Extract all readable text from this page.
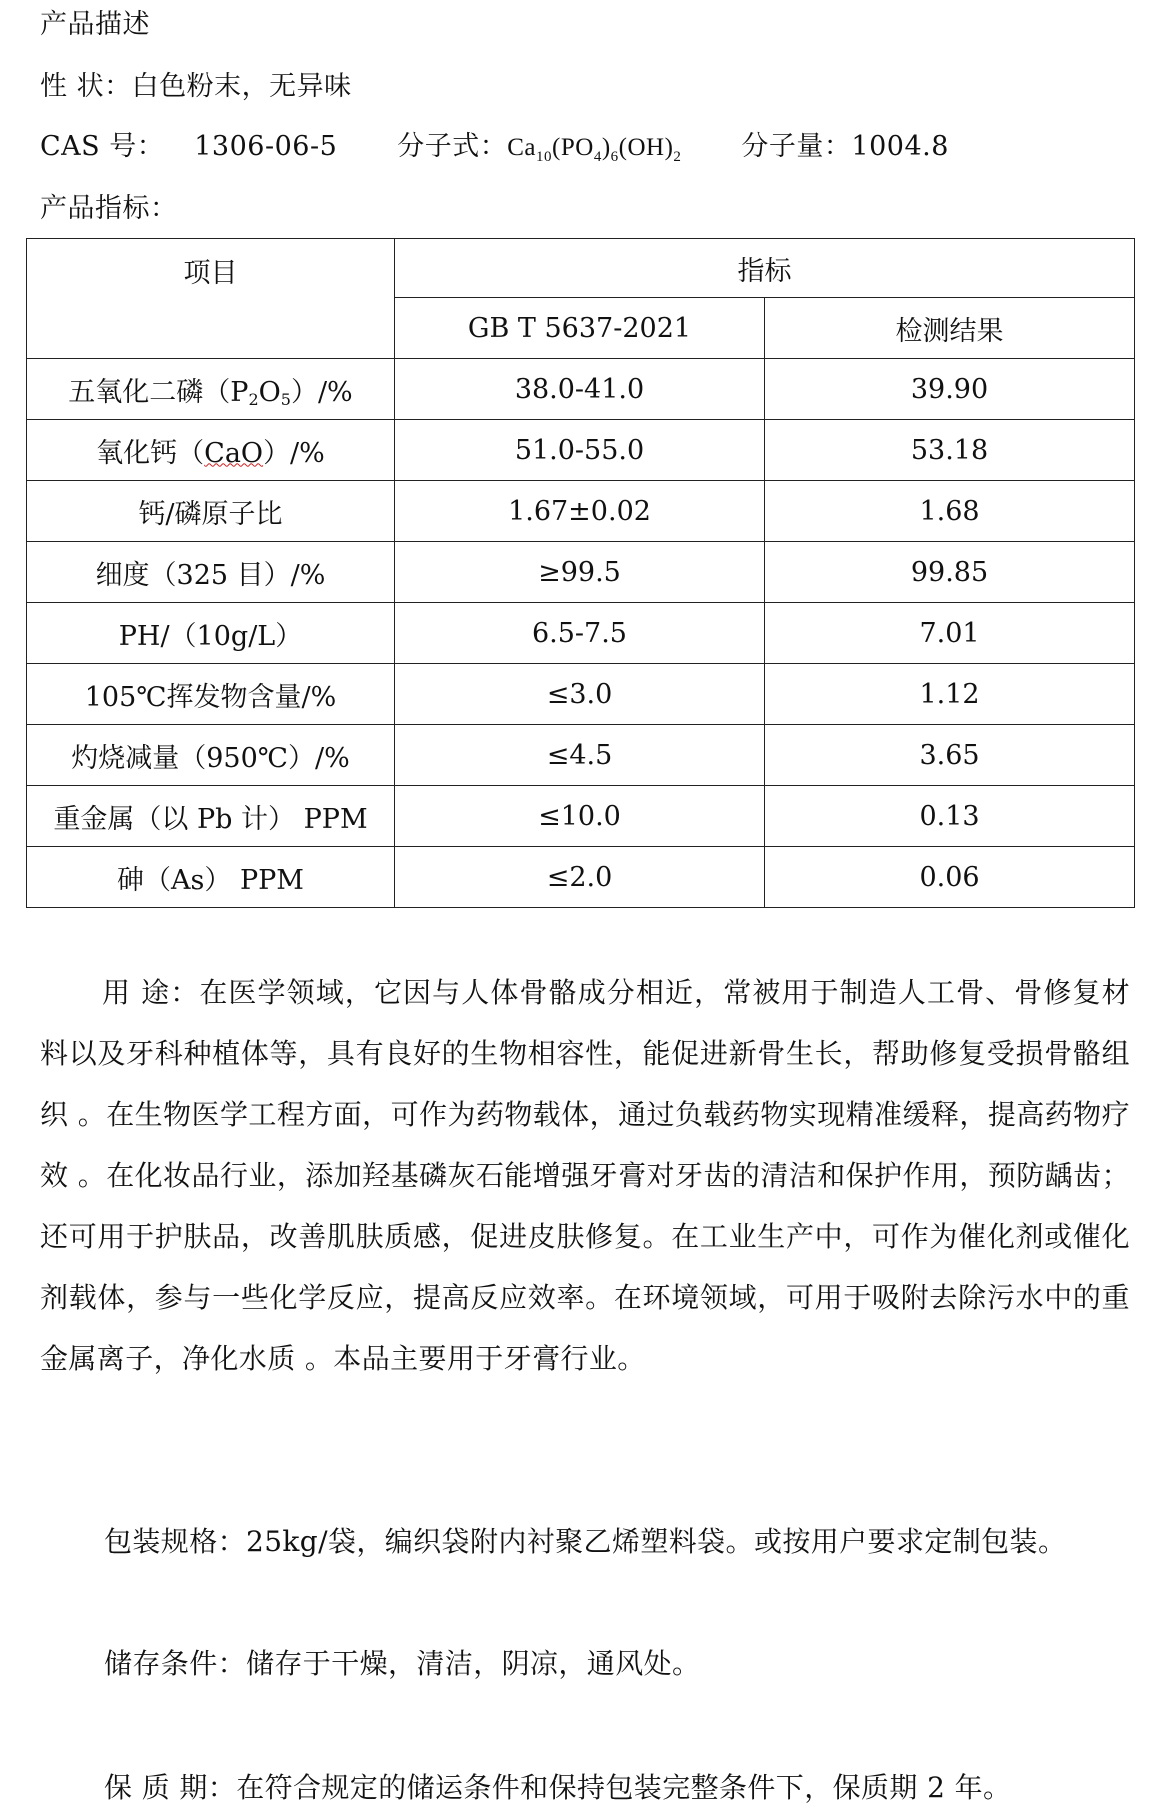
产品描述
性 状：白色粉末，无异味
CAS 号： 1306-06-5 分子式：$Ca_{10}(PO_4)_6(OH)_2$ 分子量：1004.8
产品指标：
项目	指标	
	GB T 5637-2021	检测结果
五氧化二磷$(P_2O_5)/\%$	38.0-41.0	39.90
氧化钙（CaO）/%	51.0-55.0	53.18
钙/磷原子比	1.67±0.02	1.68
细度（325 目）/%	≥99.5	99.85
PH/（10g/L）	6.5-7.5	7.01
105℃挥发物含量/%	≤3.0	1.12
灼烧减量（950℃）/%	≤4.5	3.65
重金属（以 Pb 计） PPM	≤10.0	0.13
砷（As） PPM	≤2.0	0.06
用 途：在医学领域，它因与人体骨骼成分相近，常被用于制造人工骨、骨修复材料以及牙科种植体等，具有良好的生物相容性，能促进新骨生长，帮助修复受损骨骼组织 。在生物医学工程方面，可作为药物载体，通过负载药物实现精准缓释，提高药物疗效 。在化妆品行业，添加羟基磷灰石能增强牙膏对牙齿的清洁和保护作用，预防龋齿；还可用于护肤品，改善肌肤质感，促进皮肤修复。在工业生产中，可作为催化剂或催化剂载体，参与一些化学反应，提高反应效率。在环境领域，可用于吸附去除污水中的重金属离子，净化水质 。本品主要用于牙膏行业。
包装规格：25kg/袋，编织袋附内衬聚乙烯塑料袋。或按用户要求定制包装。
储存条件：储存于干燥，清洁，阴凉，通风处。
保 质 期：在符合规定的储运条件和保持包装完整条件下，保质期 2 年。
